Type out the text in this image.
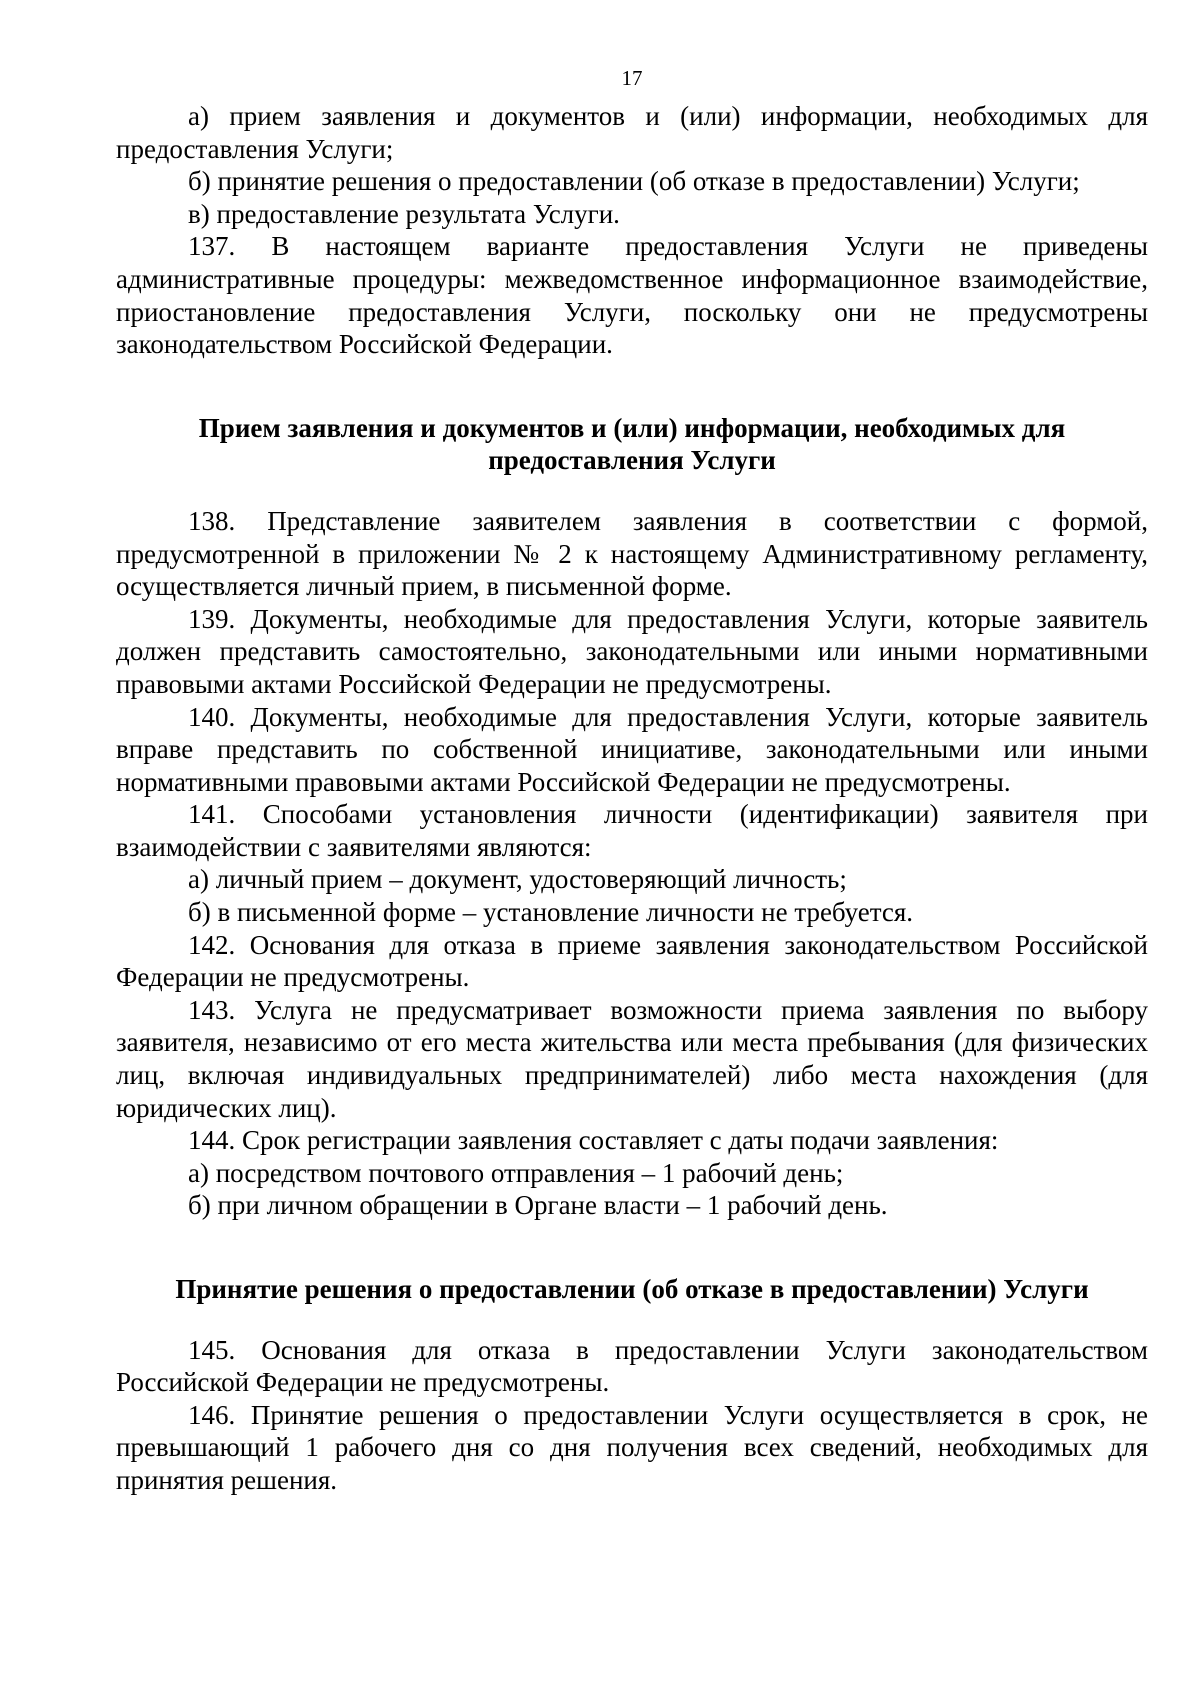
17

а) прием заявления и документов и (или) информации, необходимых для предоставления Услуги;

б) принятие решения о предоставлении (об отказе в предоставлении) Услуги;

в) предоставление результата Услуги.

137. В настоящем варианте предоставления Услуги не приведены административные процедуры: межведомственное информационное взаимодействие, приостановление предоставления Услуги, поскольку они не предусмотрены законодательством Российской Федерации.

Прием заявления и документов и (или) информации, необходимых для предоставления Услуги

138. Представление заявителем заявления в соответствии с формой, предусмотренной в приложении № 2 к настоящему Административному регламенту, осуществляется личный прием, в письменной форме.

139. Документы, необходимые для предоставления Услуги, которые заявитель должен представить самостоятельно, законодательными или иными нормативными правовыми актами Российской Федерации не предусмотрены.

140. Документы, необходимые для предоставления Услуги, которые заявитель вправе представить по собственной инициативе, законодательными или иными нормативными правовыми актами Российской Федерации не предусмотрены.

141. Способами установления личности (идентификации) заявителя при взаимодействии с заявителями являются:

а) личный прием – документ, удостоверяющий личность;

б) в письменной форме – установление личности не требуется.

142. Основания для отказа в приеме заявления законодательством Российской Федерации не предусмотрены.

143. Услуга не предусматривает возможности приема заявления по выбору заявителя, независимо от его места жительства или места пребывания (для физических лиц, включая индивидуальных предпринимателей) либо места нахождения (для юридических лиц).

144. Срок регистрации заявления составляет с даты подачи заявления:

а) посредством почтового отправления – 1 рабочий день;

б) при личном обращении в Органе власти – 1 рабочий день.

Принятие решения о предоставлении (об отказе в предоставлении) Услуги

145. Основания для отказа в предоставлении Услуги законодательством Российской Федерации не предусмотрены.

146. Принятие решения о предоставлении Услуги осуществляется в срок, не превышающий 1 рабочего дня со дня получения всех сведений, необходимых для принятия решения.
